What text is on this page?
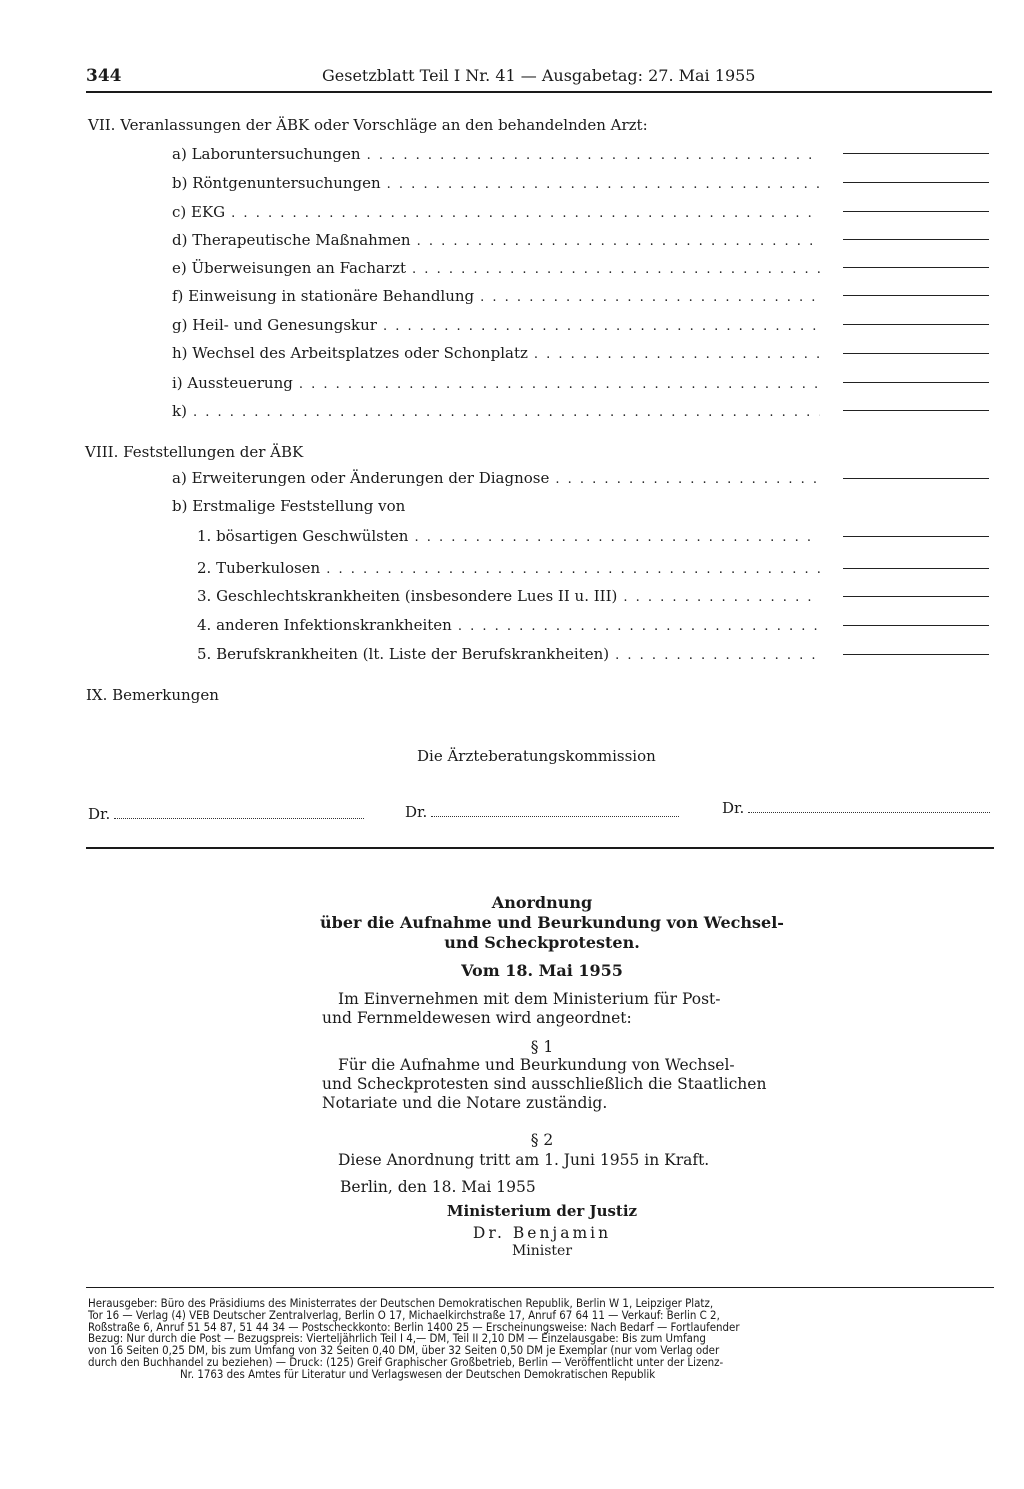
344	Gesetzblatt Teil I Nr. 41 — Ausgabetag: 27. Mai 1955
VII. Veranlassungen der ÄBK oder Vorschläge an den behandelnden Arzt:
a) Laboruntersuchungen
. . .
b) Röntgenuntersuchungen
. . .
c) EKG
. . .
d) Therapeutische Maßnahmen
. . .
e) Überweisungen an Facharzt
. . .
f) Einweisung in stationäre Behandlung
. . .
g) Heil- und Genesungskur
. . .
h) Wechsel des Arbeitsplatzes oder Schonplatz
. . .
i) Aussteuerung
. . .
k)
. . .
VIII. Feststellungen der ÄBK
a) Erweiterungen oder Änderungen der Diagnose
. . .
b) Erstmalige Feststellung von
1. bösartigen Geschwülsten
. . .
2. Tuberkulosen
. . .
3. Geschlechtskrankheiten (insbesondere Lues II u. III)
. . .
4. anderen Infektionskrankheiten
. . .
5. Berufskrankheiten (lt. Liste der Berufskrankheiten)
. . .
IX. Bemerkungen
Die Ärzteberatungskommission
Dr.	Dr.	Dr.
Anordnung
über die Aufnahme und Beurkundung von Wechsel-
und Scheckprotesten.
Vom 18. Mai 1955
Im Einvernehmen mit dem Ministerium für Post-
und Fernmeldewesen wird angeordnet:
§ 1
Für die Aufnahme und Beurkundung von Wechsel-
und Scheckprotesten sind ausschließlich die Staatlichen
Notariate und die Notare zuständig.
§ 2
Diese Anordnung tritt am 1. Juni 1955 in Kraft.
Berlin, den 18. Mai 1955
Ministerium der Justiz
Dr. Benjamin
Minister
Herausgeber: Büro des Präsidiums des Ministerrates der Deutschen Demokratischen Republik, Berlin W 1, Leipziger Platz,
Tor 16 — Verlag (4) VEB Deutscher Zentralverlag, Berlin O 17, Michaelkirchstraße 17, Anruf 67 64 11 — Verkauf: Berlin C 2,
Roßstraße 6, Anruf 51 54 87, 51 44 34 — Postscheckkonto: Berlin 1400 25 — Erscheinungsweise: Nach Bedarf — Fortlaufender
Bezug: Nur durch die Post — Bezugspreis: Vierteljährlich Teil I 4,— DM, Teil II 2,10 DM — Einzelausgabe: Bis zum Umfang
von 16 Seiten 0,25 DM, bis zum Umfang von 32 Seiten 0,40 DM, über 32 Seiten 0,50 DM je Exemplar (nur vom Verlag oder
durch den Buchhandel zu beziehen) — Druck: (125) Greif Graphischer Großbetrieb, Berlin — Veröffentlicht unter der Lizenz-
Nr. 1763 des Amtes für Literatur und Verlagswesen der Deutschen Demokratischen Republik
